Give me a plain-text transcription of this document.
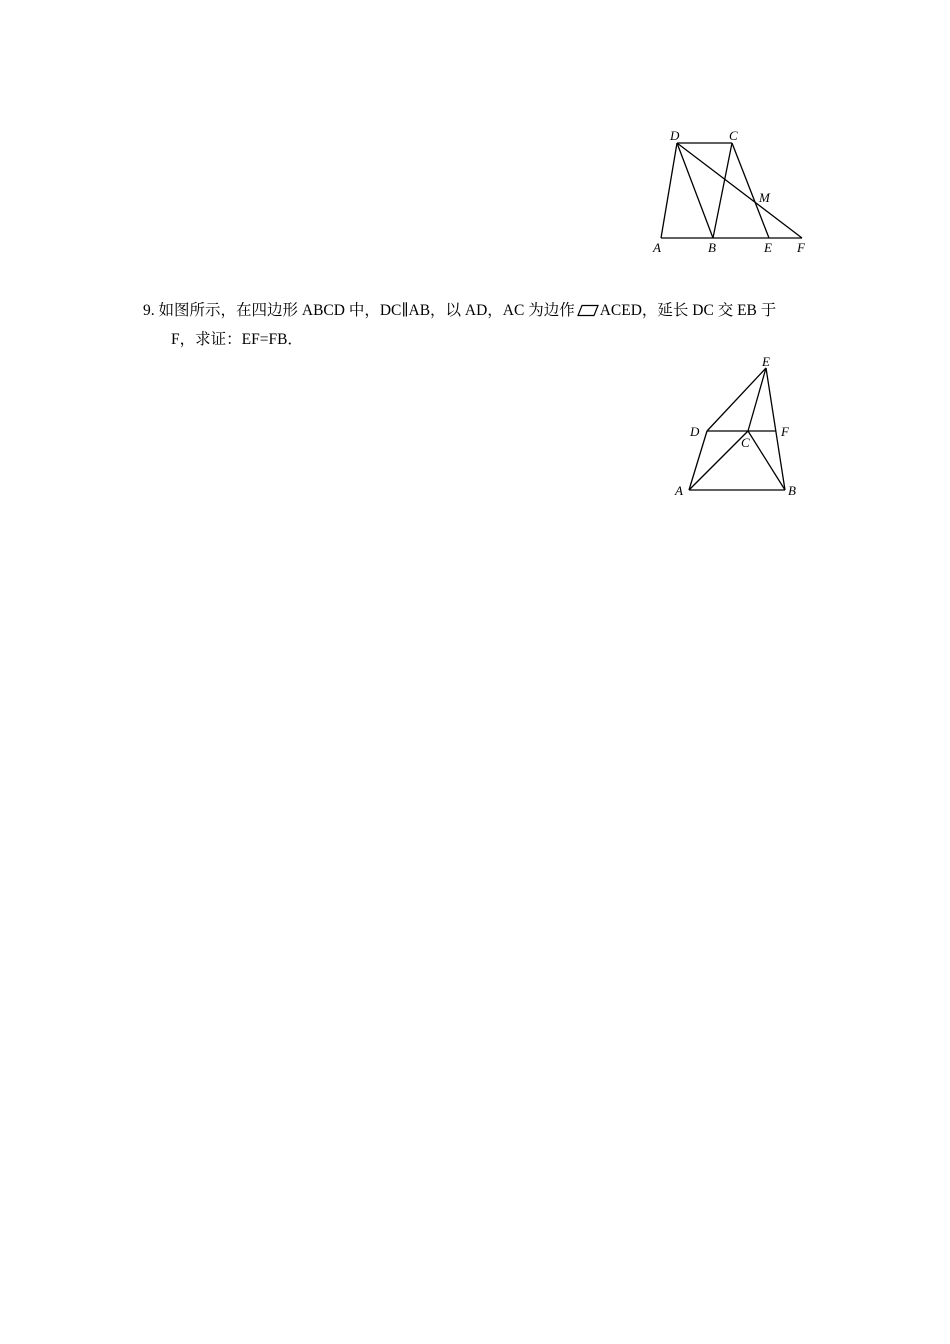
D	C
M
A	B	E F
9. 如图所示，在四边形 ABCD 中，DC∥AB，以 AD，AC 为边作 ACED，延长 DC 交 EB 于
F，求证：EF=FB．
E
D	F
C
A	B
